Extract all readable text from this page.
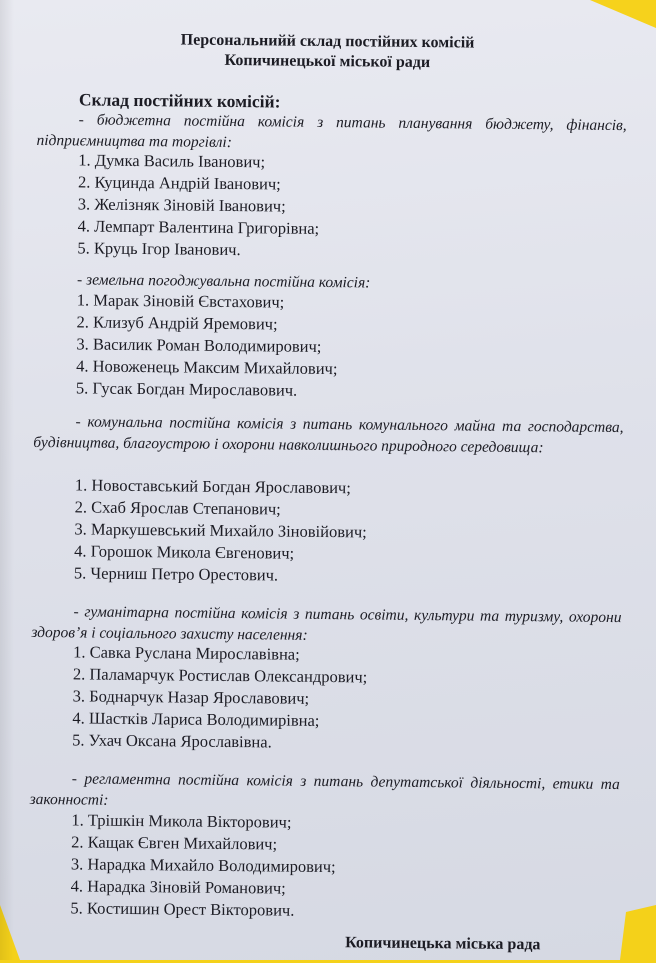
Персональнийй склад постійних комісій
Копичинецької міської ради
Склад постійних комісій:
- бюджетна постійна комісія з питань планування бюджету, фінансів, підприємництва та торгівлі:
1. Думка Василь Іванович;
2. Куцинда Андрій Іванович;
3. Желізняк Зіновій Іванович;
4. Лемпарт Валентина Григорівна;
5. Круць Ігор Іванович.
- земельна погоджувальна постійна комісія:
1. Марак Зіновій Євстахович;
2. Клизуб Андрій Яремович;
3. Василик Роман Володимирович;
4. Новоженець Максим Михайлович;
5. Гусак Богдан Мирославович.
- комунальна постійна комісія з питань комунального майна та господарства, будівництва, благоустрою і охорони навколишнього природного середовища:
1. Новоставський Богдан Ярославович;
2. Схаб Ярослав Степанович;
3. Маркушевський Михайло Зіновійович;
4. Горошок Микола Євгенович;
5. Черниш Петро Орестович.
- гуманітарна постійна комісія з питань освіти, культури та туризму, охорони здоров’я і соціального захисту населення:
1. Савка Руслана Мирославівна;
2. Паламарчук Ростислав Олександрович;
3. Боднарчук Назар Ярославович;
4. Шастків Лариса Володимирівна;
5. Ухач Оксана Ярославівна.
- регламентна постійна комісія з питань депутатської діяльності, етики та законності:
1. Трішкін Микола Вікторович;
2. Кащак Євген Михайлович;
3. Нарадка Михайло Володимирович;
4. Нарадка Зіновій Романович;
5. Костишин Орест Вікторович.
Копичинецька міська рада
